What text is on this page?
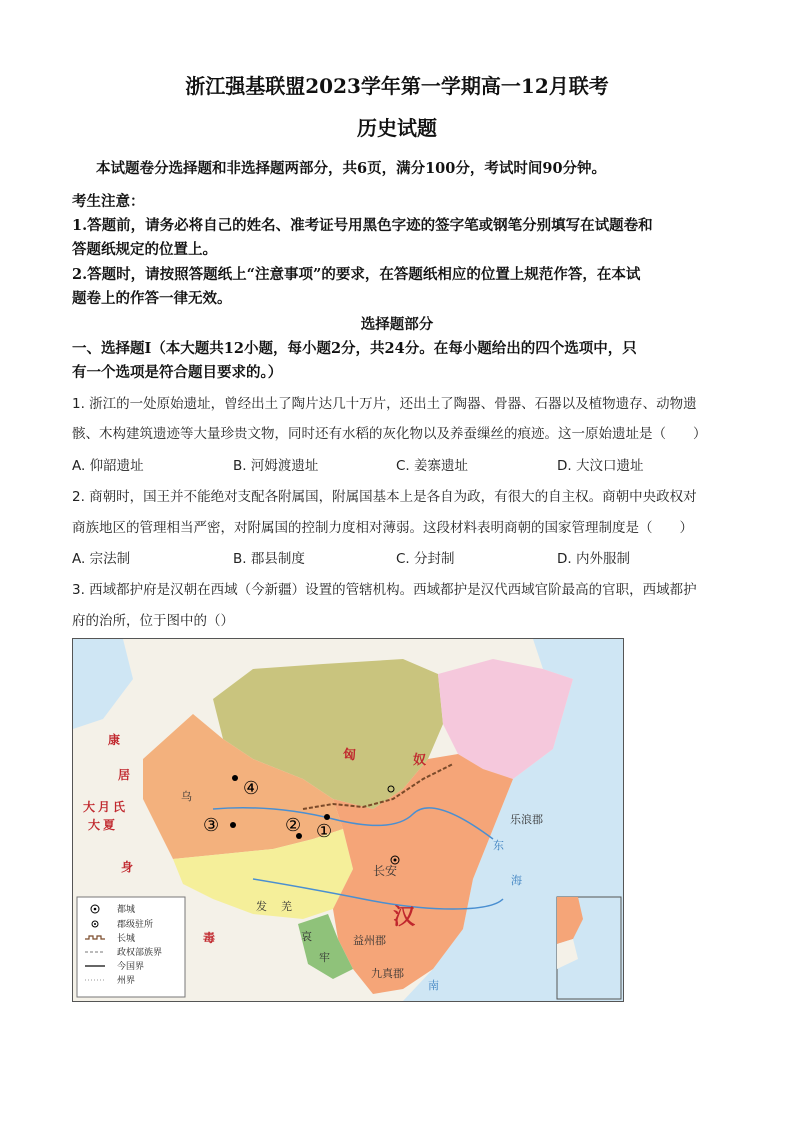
浙江强基联盟2023学年第一学期高一12月联考
历史试题
本试题卷分选择题和非选择题两部分，共6页，满分100分，考试时间90分钟。
考生注意：
1.答题前，请务必将自己的姓名、准考证号用黑色字迹的签字笔或钢笔分别填写在试题卷和
答题纸规定的位置上。
2.答题时，请按照答题纸上“注意事项”的要求，在答题纸相应的位置上规范作答，在本试
题卷上的作答一律无效。
选择题部分
一、选择题Ⅰ（本大题共12小题，每小题2分，共24分。在每小题给出的四个选项中，只
有一个选项是符合题目要求的。）
1. 浙江的一处原始遗址，曾经出土了陶片达几十万片，还出土了陶器、骨器、石器以及植物遗存、动物遗
骸、木构建筑遗迹等大量珍贵文物，同时还有水稻的灰化物以及养蚕缫丝的痕迹。这一原始遗址是（　　）
A. 仰韶遗址	B. 河姆渡遗址	C. 姜寨遗址	D. 大汶口遗址
2. 商朝时，国王并不能绝对支配各附属国，附属国基本上是各自为政，有很大的自主权。商朝中央政权对
商族地区的管理相当严密，对附属国的控制力度相对薄弱。这段材料表明商朝的国家管理制度是（　　）
A. 宗法制	B. 郡县制度	C. 分封制	D. 内外服制
3. 西域都护府是汉朝在西域（今新疆）设置的管辖机构。西域都护是汉代西域官阶最高的官职，西域都护
府的治所，位于图中的（）
匈	奴
康
居
大 月 氏
大 夏
身
毒
汉
乌
发 羌
哀
牢
长安
乐浪郡
益州郡
九真郡
东
海
南
④
③	② ①
都城
郡级驻所
长城
政权部族界
今国界
州界
